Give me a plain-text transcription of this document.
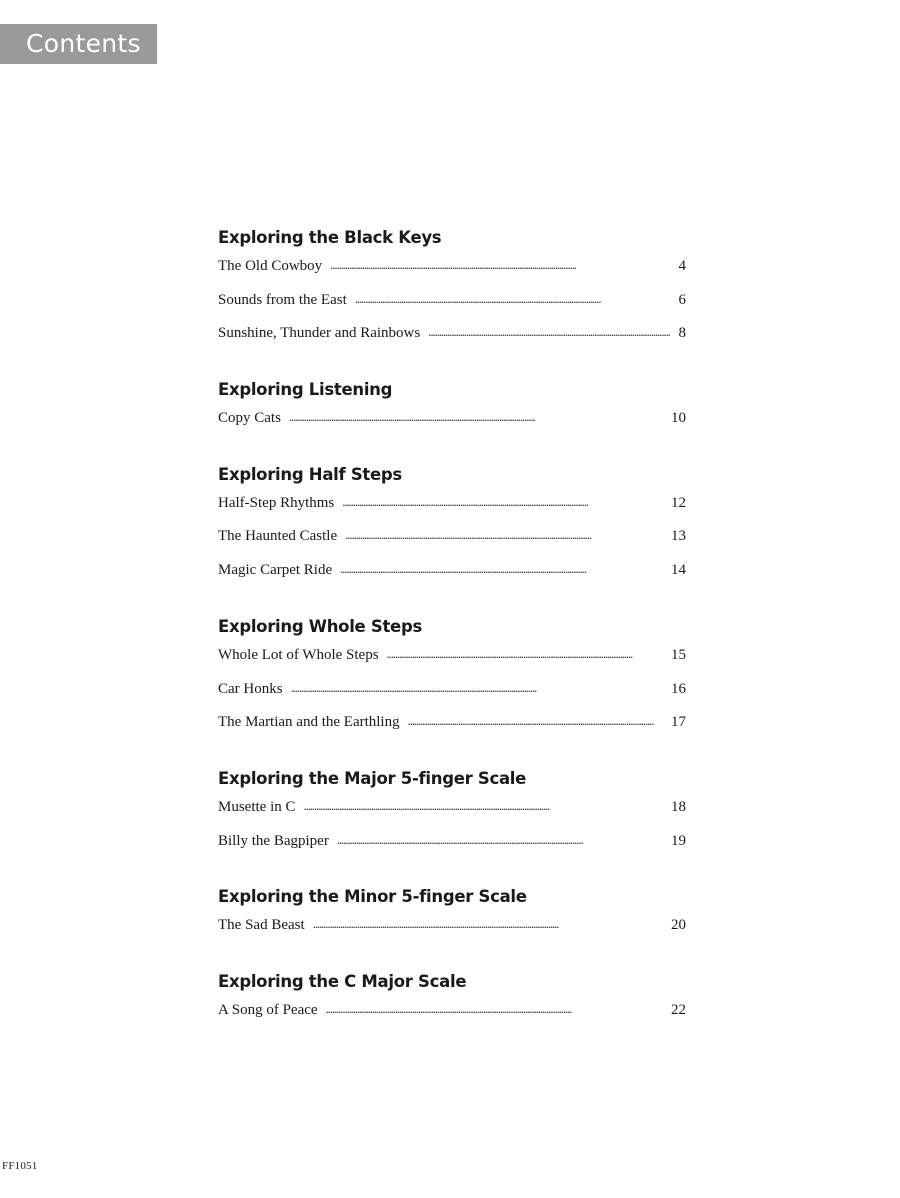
Contents
Exploring the Black Keys
The Old Cowboy . . .	4
Sounds from the East . . .	6
Sunshine, Thunder and Rainbows . . .	8
Exploring Listening
Copy Cats . . .	10
Exploring Half Steps
Half-Step Rhythms . . .	12
The Haunted Castle . . .	13
Magic Carpet Ride . . .	14
Exploring Whole Steps
Whole Lot of Whole Steps . . .	15
Car Honks . . .	16
The Martian and the Earthling . . .	17
Exploring the Major 5-finger Scale
Musette in C . . .	18
Billy the Bagpiper . . .	19
Exploring the Minor 5-finger Scale
The Sad Beast . . .	20
Exploring the C Major Scale
A Song of Peace . . .	22
FF1051
